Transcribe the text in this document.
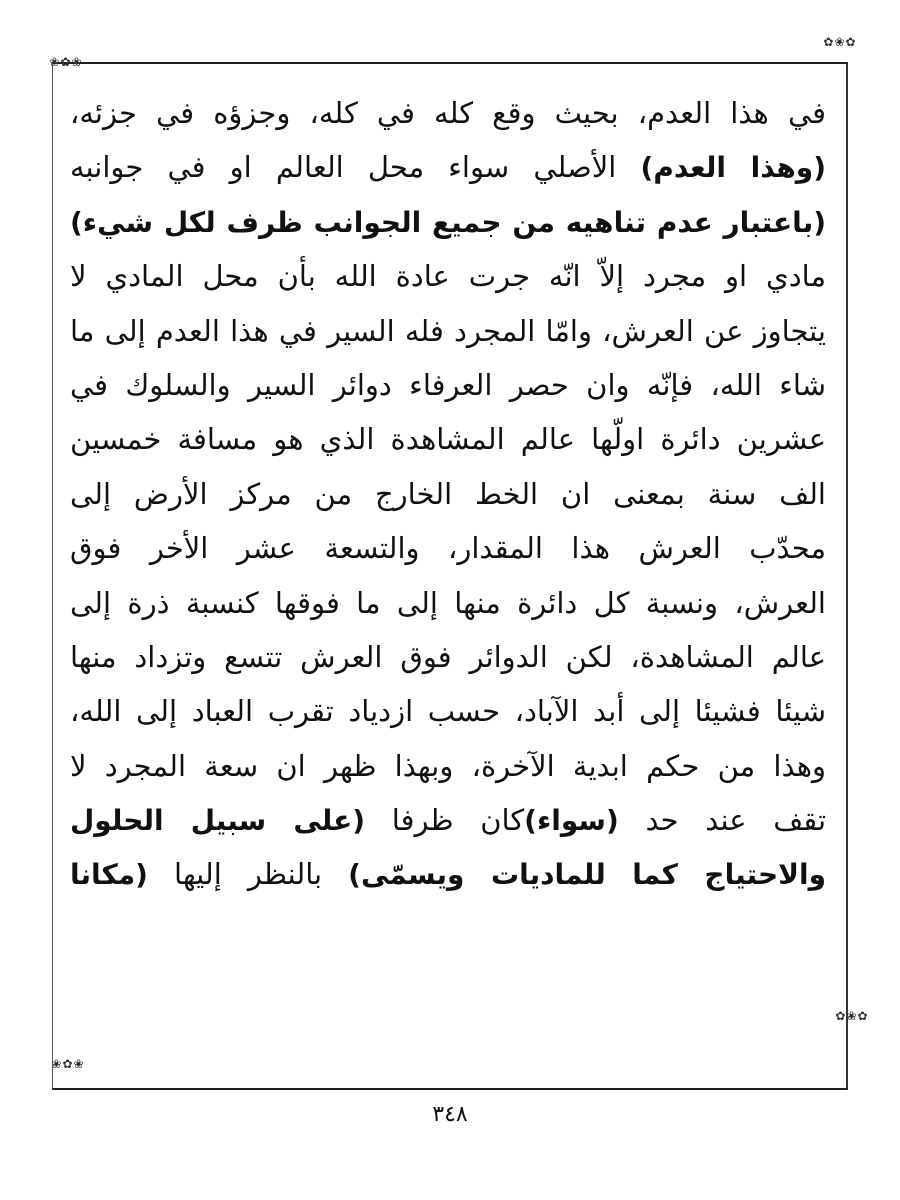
❀✿❀
✿❀✿
❀✿❀
✿❀✿
في هذا العدم، بحيث وقع كله في كله، وجزؤه في جزئه،
(وهذا العدم) الأصلي سواء محل العالم او في جوانبه
(باعتبار عدم تناهيه من جميع الجوانب ظرف لكل شيء)
مادي او مجرد إلاّ انّه جرت عادة الله بأن محل المادي لا
يتجاوز عن العرش، وامّا المجرد فله السير في هذا العدم إلى ما
شاء الله، فإنّه وان حصر العرفاء دوائر السير والسلوك في
عشرين دائرة اولّها عالم المشاهدة الذي هو مسافة خمسين
الف سنة بمعنى ان الخط الخارج من مركز الأرض إلى
محدّب العرش هذا المقدار، والتسعة عشر الأخر فوق
العرش، ونسبة كل دائرة منها إلى ما فوقها كنسبة ذرة إلى
عالم المشاهدة، لكن الدوائر فوق العرش تتسع وتزداد منها
شيئا فشيئا إلى أبد الآباد، حسب ازدياد تقرب العباد إلى الله،
وهذا من حكم ابدية الآخرة، وبهذا ظهر ان سعة المجرد لا
تقف عند حد (سواء)كان ظرفا (على سبيل الحلول
والاحتياج كما للماديات ويسمّى) بالنظر إليها (مكانا
٣٤٨
